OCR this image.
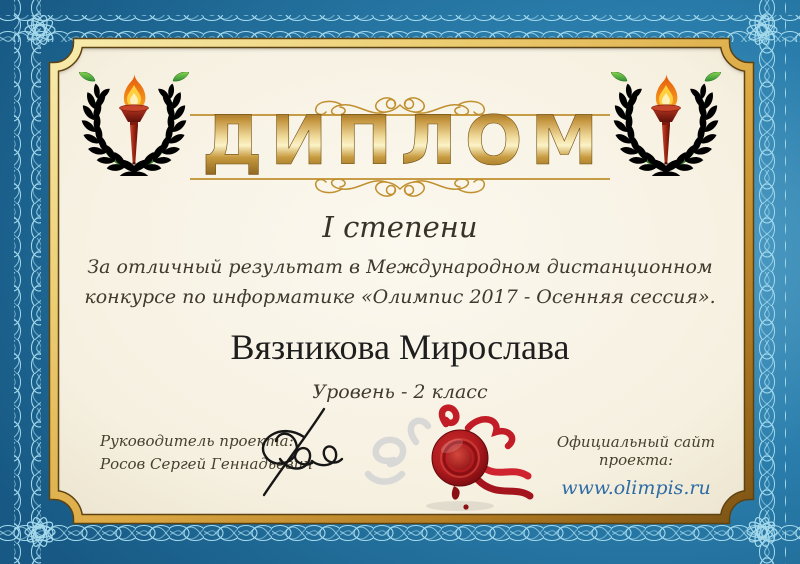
ДИПЛОМ
I степени
За отличный результат в Международном дистанционном
конкурсе по информатике «Олимпис 2017 - Осенняя сессия».
Вязникова Мирослава
Уровень - 2 класс
Руководитель проекта:
Росов Сергей Геннадьевич
Официальный сайт проекта:
www.olimpis.ru
